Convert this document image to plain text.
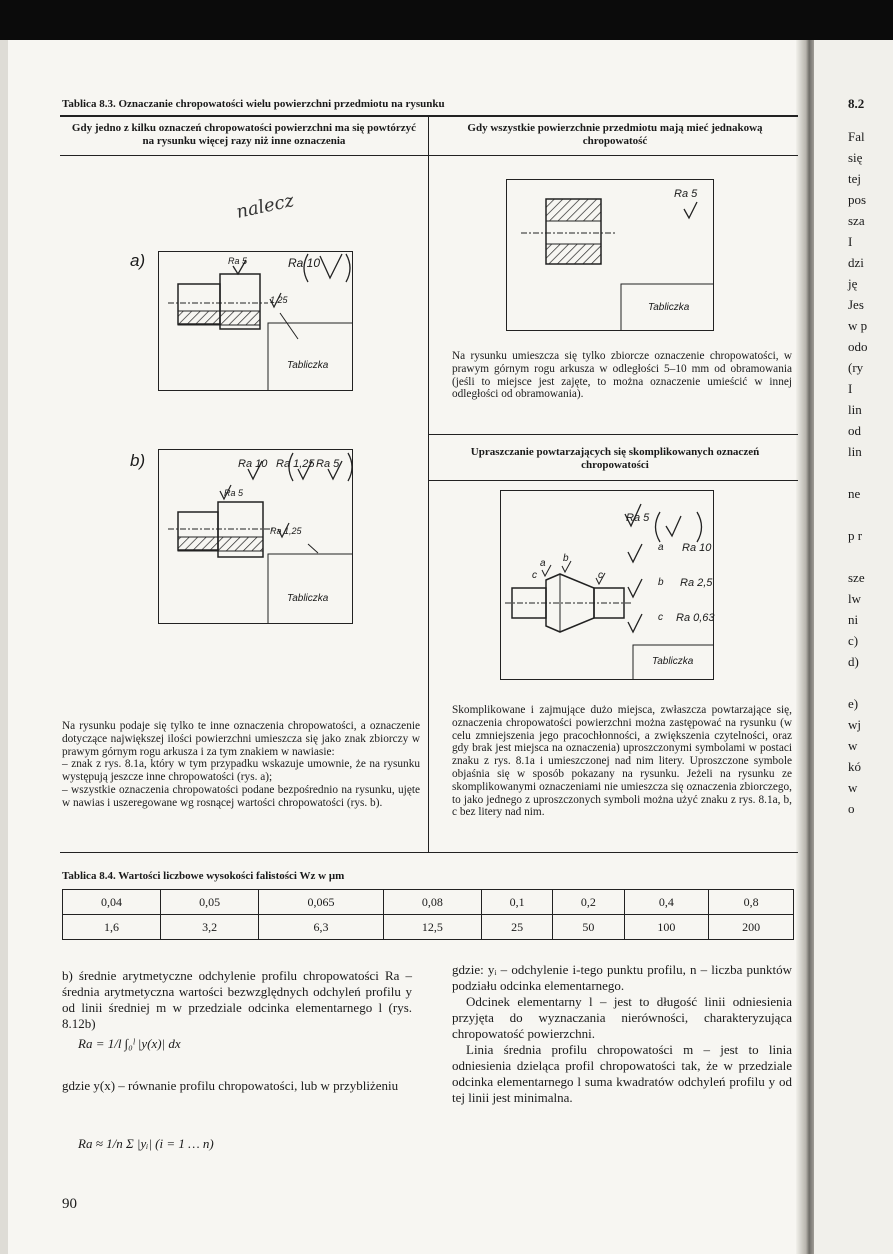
8.2
Fal
się
tej
pos
sza
I
dzi
ję
Jes
w p
odo
(ry
I
lin
od
lin

ne

p r

sze
lw
ni
c)
d)

e)
wj
w
kó
w
o

Tablica 8.3. Oznaczanie chropowatości wielu powierzchni przedmiotu na rysunku
Gdy jedno z kilku oznaczeń chropowatości powierzchni ma się powtórzyć na rysunku więcej razy niż inne oznaczenia
Gdy wszystkie powierzchnie przedmiotu mają mieć jednakową chropowatość
nalecz
a)	Ra 5	Ra 10
1,25
Tabliczka
b)	Ra 10 Ra 1,25 Ra 5
Ra 5
Ra 1,25
Tabliczka
Na rysunku podaje się tylko te inne oznaczenia chropowatości, a oznaczenie dotyczące największej ilości powierzchni umieszcza się jako znak zbiorczy w prawym górnym rogu arkusza i za tym znakiem w nawiasie:
– znak z rys. 8.1a, który w tym przypadku wskazuje umownie, że na rysunku występują jeszcze inne chropowatości (rys. a);
– wszystkie oznaczenia chropowatości podane bezpośrednio na rysunku, ujęte w nawias i uszeregowane wg rosnącej wartości chropowatości (rys. b).
Ra 5
Tabliczka
Na rysunku umieszcza się tylko zbiorcze oznaczenie chropowatości, w prawym górnym rogu arkusza w odległości 5–10 mm od obramowania (jeśli to miejsce jest zajęte, to można oznaczenie umieścić w innej odległości od obramowania).
Upraszczanie powtarzających się skomplikowanych oznaczeń chropowatości
Ra 5
Ra 10
Ra 2,5
Ra 0,63
a b
c	c
a
b
c
Tabliczka
Skomplikowane i zajmujące dużo miejsca, zwłaszcza powtarzające się, oznaczenia chropowatości powierzchni można zastępować na rysunku (w celu zmniejszenia jego pracochłonności, a zwiększenia czytelności, oraz gdy brak jest miejsca na oznaczenia) uproszczonymi symbolami w postaci znaku z rys. 8.1a i umieszczonej nad nim litery. Uproszczone symbole objaśnia się w sposób pokazany na rysunku. Jeżeli na rysunku ze skomplikowanymi oznaczeniami nie umieszcza się oznaczenia zbiorczego, to jako jednego z uproszczonych symboli można użyć znaku z rys. 8.1a, b, c bez litery nad nim.
Tablica 8.4. Wartości liczbowe wysokości falistości Wz w μm
0,04	0,05	0,065	0,08	0,1	0,2	0,4	0,8
1,6	3,2	6,3	12,5	25	50	100	200
b) średnie arytmetyczne odchylenie profilu chropowatości Ra – średnia arytmetyczna wartości bezwzględnych odchyleń profilu y od linii średniej m w przedziale odcinka elementarnego l (rys. 8.12b)
Ra = 1/l ∫₀ˡ |y(x)| dx
gdzie y(x) – równanie profilu chropowatości, lub w przybliżeniu
Ra ≈ 1/n Σ |yᵢ| (i = 1 … n)
gdzie: yᵢ – odchylenie i-tego punktu profilu, n – liczba punktów podziału odcinka elementarnego.
Odcinek elementarny l – jest to długość linii odniesienia przyjęta do wyznaczania nierówności, charakteryzująca chropowatość powierzchni.
Linia średnia profilu chropowatości m – jest to linia odniesienia dzieląca profil chropowatości tak, że w przedziale odcinka elementarnego l suma kwadratów odchyleń profilu y od tej linii jest minimalna.
90
